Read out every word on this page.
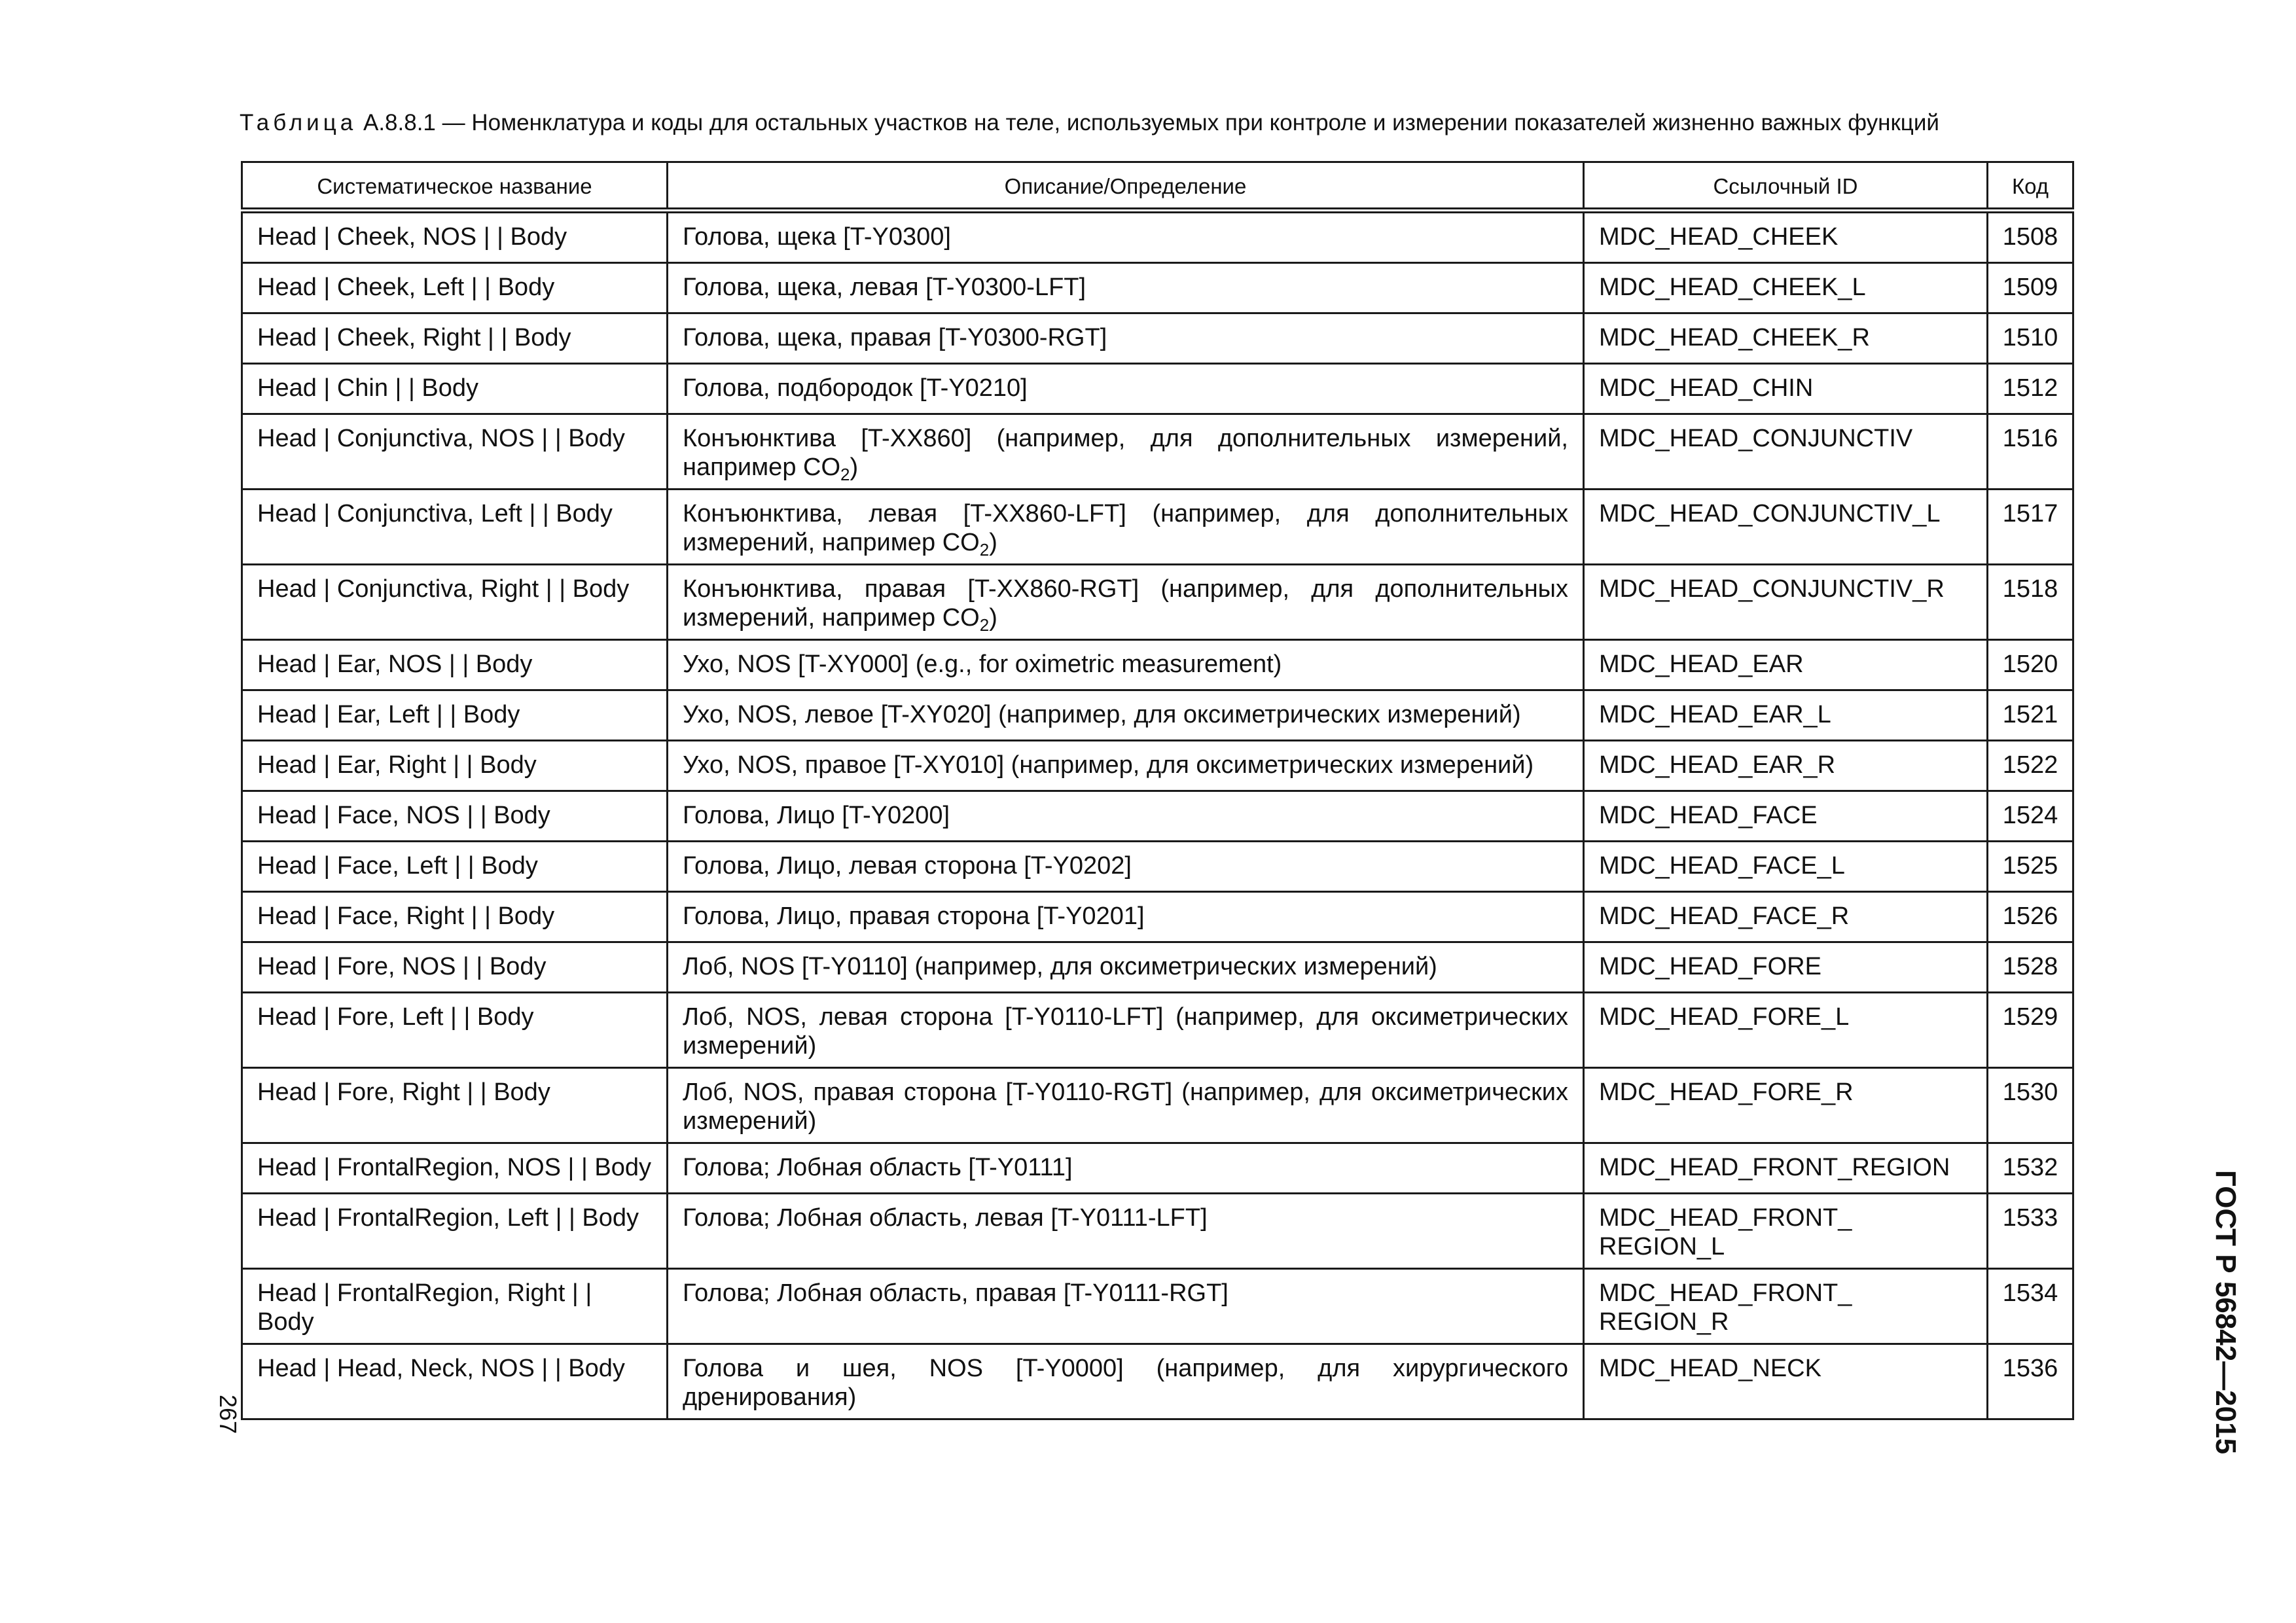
Таблица А.8.8.1 — Номенклатура и коды для остальных участков на теле, используемых при контроле и измерении показателей жизненно важных функций
Систематическое название	Описание/Определение	Ссылочный ID	Код
Head | Cheek, NOS | | Body	Голова, щека [T-Y0300]	MDC_HEAD_CHEEK	1508
Head | Cheek, Left | | Body	Голова, щека, левая [T-Y0300-LFT]	MDC_HEAD_CHEEK_L	1509
Head | Cheek, Right | | Body	Голова, щека, правая [T-Y0300-RGT]	MDC_HEAD_CHEEK_R	1510
Head | Chin | | Body	Голова, подбородок [T-Y0210]	MDC_HEAD_CHIN	1512
Head | Conjunctiva, NOS | | Body	Конъюнктива [T-XX860] (например, для дополнительных измерений, например $CO_2$)	MDC_HEAD_CONJUNCTIV	1516
Head | Conjunctiva, Left | | Body	Конъюнктива, левая [T-XX860-LFT] (например, для дополнительных измерений, например $CO_2$)	MDC_HEAD_CONJUNCTIV_L	1517
Head | Conjunctiva, Right | | Body	Конъюнктива, правая [T-XX860-RGT] (например, для дополнительных измерений, например $CO_2$)	MDC_HEAD_CONJUNCTIV_R	1518
Head | Ear, NOS | | Body	Ухо, NOS [T-XY000] (e.g., for oximetric measurement)	MDC_HEAD_EAR	1520
Head | Ear, Left | | Body	Ухо, NOS, левое [T-XY020] (например, для оксиметрических измерений)	MDC_HEAD_EAR_L	1521
Head | Ear, Right | | Body	Ухо, NOS, правое [T-XY010] (например, для оксиметрических измерений)	MDC_HEAD_EAR_R	1522
Head | Face, NOS | | Body	Голова, Лицо [T-Y0200]	MDC_HEAD_FACE	1524
Head | Face, Left | | Body	Голова, Лицо, левая сторона [T-Y0202]	MDC_HEAD_FACE_L	1525
Head | Face, Right | | Body	Голова, Лицо, правая сторона [T-Y0201]	MDC_HEAD_FACE_R	1526
Head | Fore, NOS | | Body	Лоб, NOS [T-Y0110] (например, для оксиметрических измерений)	MDC_HEAD_FORE	1528
Head | Fore, Left | | Body	Лоб, NOS, левая сторона [T-Y0110-LFT] (например, для оксиметрических измерений)	MDC_HEAD_FORE_L	1529
Head | Fore, Right | | Body	Лоб, NOS, правая сторона [T-Y0110-RGT] (например, для оксиметрических измерений)	MDC_HEAD_FORE_R	1530
Head | FrontalRegion, NOS | | Body	Голова; Лобная область [T-Y0111]	MDC_HEAD_FRONT_REGION	1532
Head | FrontalRegion, Left | | Body	Голова; Лобная область, левая [T-Y0111-LFT]	MDC_HEAD_FRONT_ REGION_L	1533
Head | FrontalRegion, Right | | Body	Голова; Лобная область, правая [T-Y0111-RGT]	MDC_HEAD_FRONT_ REGION_R	1534
Head | Head, Neck, NOS | | Body	Голова и шея, NOS [T-Y0000] (например, для хирургического дренирования)	MDC_HEAD_NECK	1536
267	ГОСТ Р 56842—2015
